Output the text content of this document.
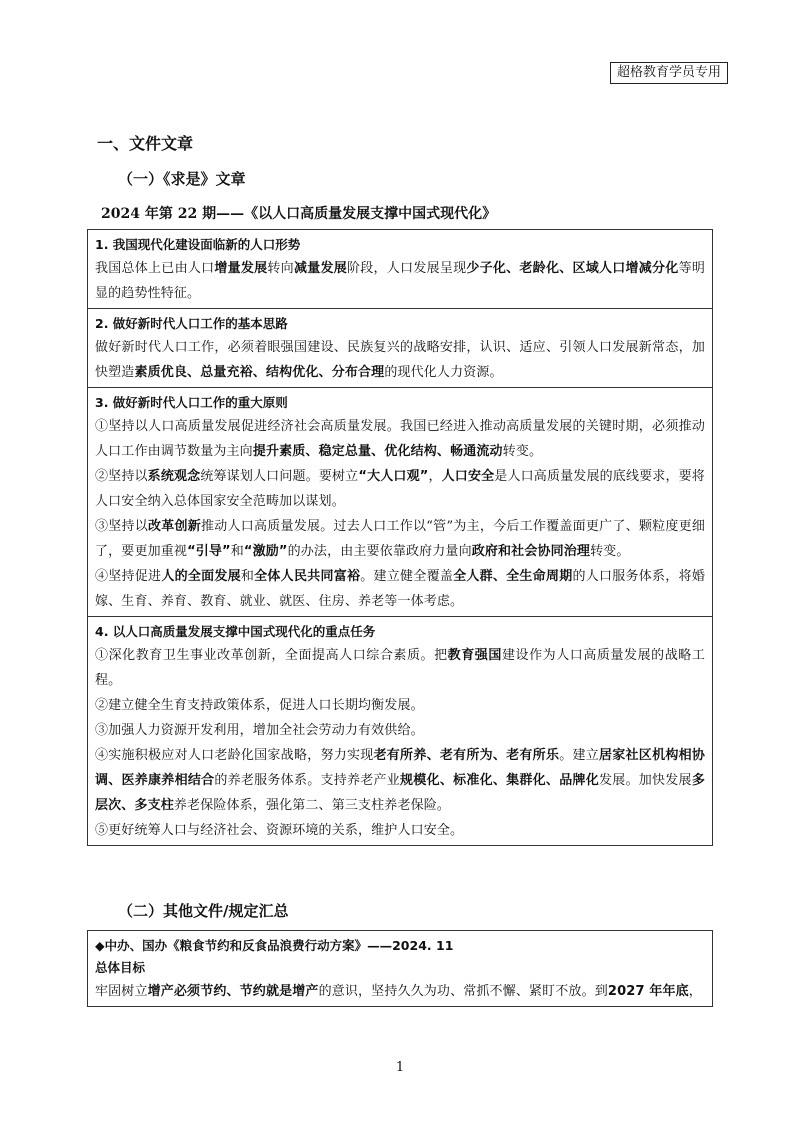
超格教育学员专用
一、文件文章
（一）《求是》文章
2024 年第 22 期——《以人口高质量发展支撑中国式现代化》
1. 我国现代化建设面临新的人口形势
我国总体上已由人口增量发展转向减量发展阶段，人口发展呈现少子化、老龄化、区域人口增减分化等明显的趋势性特征。

2. 做好新时代人口工作的基本思路
做好新时代人口工作，必须着眼强国建设、民族复兴的战略安排，认识、适应、引领人口发展新常态，加快塑造素质优良、总量充裕、结构优化、分布合理的现代化人力资源。

3. 做好新时代人口工作的重大原则
①坚持以人口高质量发展促进经济社会高质量发展。我国已经进入推动高质量发展的关键时期，必须推动人口工作由调节数量为主向提升素质、稳定总量、优化结构、畅通流动转变。
②坚持以系统观念统筹谋划人口问题。要树立“大人口观”，人口安全是人口高质量发展的底线要求，要将人口安全纳入总体国家安全范畴加以谋划。
③坚持以改革创新推动人口高质量发展。过去人口工作以“管”为主，今后工作覆盖面更广了、颗粒度更细了，要更加重视“引导”和“激励”的办法，由主要依靠政府力量向政府和社会协同治理转变。
④坚持促进人的全面发展和全体人民共同富裕。建立健全覆盖全人群、全生命周期的人口服务体系，将婚嫁、生育、养育、教育、就业、就医、住房、养老等一体考虑。

4. 以人口高质量发展支撑中国式现代化的重点任务
①深化教育卫生事业改革创新，全面提高人口综合素质。把教育强国建设作为人口高质量发展的战略工程。
②建立健全生育支持政策体系，促进人口长期均衡发展。
③加强人力资源开发利用，增加全社会劳动力有效供给。
④实施积极应对人口老龄化国家战略，努力实现老有所养、老有所为、老有所乐。建立居家社区机构相协调、医养康养相结合的养老服务体系。支持养老产业规模化、标准化、集群化、品牌化发展。加快发展多层次、多支柱养老保险体系，强化第二、第三支柱养老保险。
⑤更好统筹人口与经济社会、资源环境的关系，维护人口安全。
（二）其他文件/规定汇总
◆中办、国办《粮食节约和反食品浪费行动方案》——2024. 11
总体目标
牢固树立增产必须节约、节约就是增产的意识，坚持久久为功、常抓不懈、紧盯不放。到2027 年年底，
1
